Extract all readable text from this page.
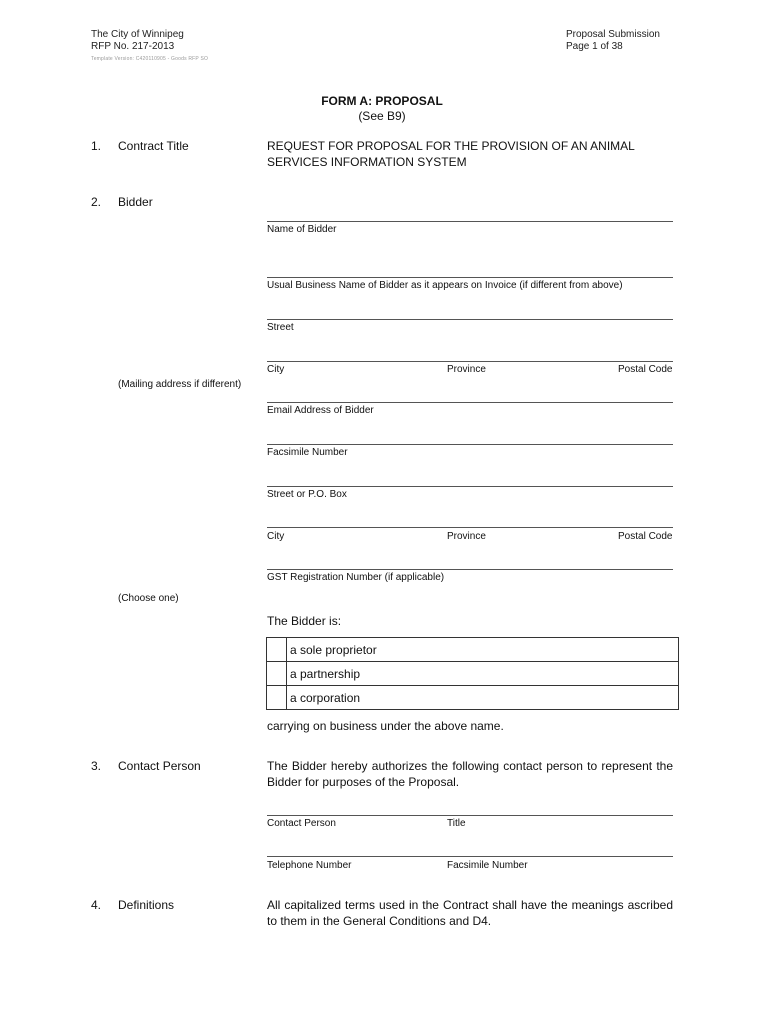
The City of Winnipeg
RFP No. 217-2013
Template Version: C420110905 - Goods RFP SO
Proposal Submission
Page 1 of 38
FORM A: PROPOSAL
(See B9)
1. Contract Title	REQUEST FOR PROPOSAL FOR THE PROVISION OF AN ANIMAL
SERVICES INFORMATION SYSTEM
2. Bidder
Name of Bidder
Usual Business Name of Bidder as it appears on Invoice (if different from above)
Street
City	Province	Postal Code
(Mailing address if different)
Email Address of Bidder
Facsimile Number
Street or P.O. Box
City	Province	Postal Code
GST Registration Number (if applicable)
(Choose one)
The Bidder is:
	a sole proprietor
	a partnership
	a corporation
carrying on business under the above name.
3. Contact Person	The Bidder hereby authorizes the following contact person to represent the Bidder for purposes of the Proposal.
Contact Person	Title
Telephone Number	Facsimile Number
4. Definitions	All capitalized terms used in the Contract shall have the meanings ascribed to them in the General Conditions and D4.
